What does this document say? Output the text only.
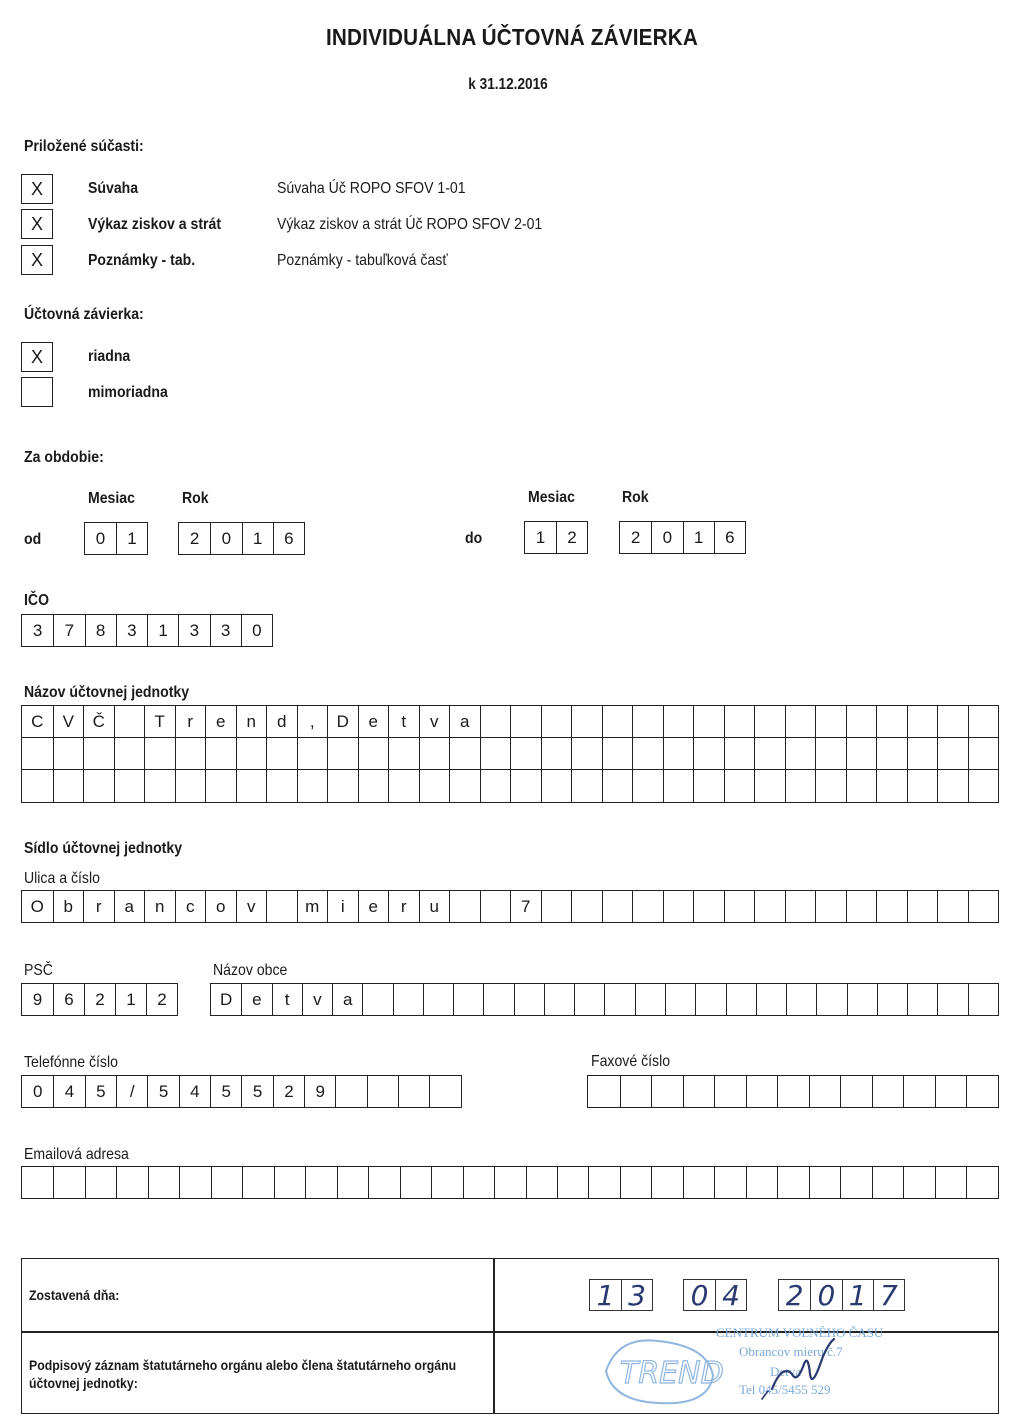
INDIVIDUÁLNA ÚČTOVNÁ ZÁVIERKA
k 31.12.2016
Priložené súčasti:
X	Súvaha	Súvaha Úč ROPO SFOV 1-01
X	Výkaz ziskov a strát	Výkaz ziskov a strát Úč ROPO SFOV 2-01
X	Poznámky - tab.	Poznámky - tabuľková časť
Účtovná závierka:
X	riadna
mimoriadna
Za obdobie:
Mesiac	Rok	Mesiac	Rok
od	0	1	2	0	1	6	do	1	2	2	0	1	6
IČO
3	7	8	3	1	3	3	0
Názov účtovnej jednotky
C	V	Č	T	r	e	n	d	,	D	e	t	v	a
Sídlo účtovnej jednotky
Ulica a číslo
O	b	r	a	n	c	o	v	m	i	e	r	u	7
PSČ
9	6	2	1	2
Názov obce
D	e	t	v	a
Telefónne číslo
0	4	5	/	5	4	5	5	2	9
Faxové číslo
Emailová adresa
Zostavená dňa:	1 3 0 4 2 0 1 7
Podpisový záznam štatutárneho orgánu alebo člena štatutárneho orgánu
účtovnej jednotky:	TREND
CENTRUM VOĽNÉHO ČASU
Obrancov mieru č.7
Detva
Tel 045/5455 529
